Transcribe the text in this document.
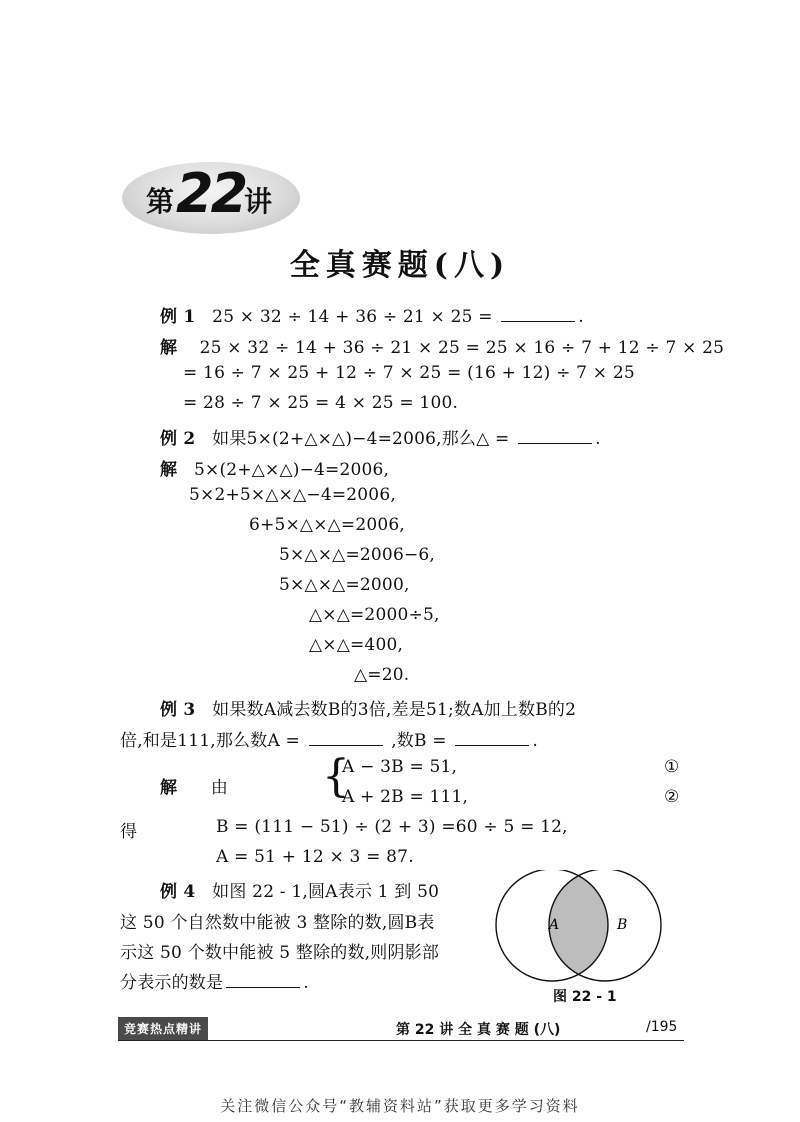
第 22
讲
全真赛题(八)
例 1 25 × 32 ÷ 14 + 36 ÷ 21 × 25 =	.
解 25 × 32 ÷ 14 + 36 ÷ 21 × 25 = 25 × 16 ÷ 7 + 12 ÷ 7 × 25
= 16 ÷ 7 × 25 + 12 ÷ 7 × 25 = (16 + 12) ÷ 7 × 25
= 28 ÷ 7 × 25 = 4 × 25 = 100.
例 2 如果5×(2+△×△)−4=2006,那么△ =	.
解 5×(2+△×△)−4=2006,
5×2+5×△×△−4=2006,
6+5×△×△=2006,
5×△×△=2006−6,
5×△×△=2000,
△×△=2000÷5,
△×△=400,
△=20.
例 3 如果数A减去数B的3倍,差是51;数A加上数B的2
倍,和是111,那么数A =	,数B =	.
解 由 {
A − 3B = 51,
A + 2B = 111,
①
②
得	B = (111 − 51) ÷ (2 + 3) =60 ÷ 5 = 12,
A = 51 + 12 × 3 = 87.
例 4 如图 22 - 1,圆A表示 1 到 50
这 50 个自然数中能被 3 整除的数,圆B表
示这 50 个数中能被 5 整除的数,则阴影部
分表示的数是	.
A	B
图 22 - 1
竞赛热点精讲	第 22 讲 全 真 赛 题 (八)	/195
关注微信公众号“教辅资料站”获取更多学习资料
